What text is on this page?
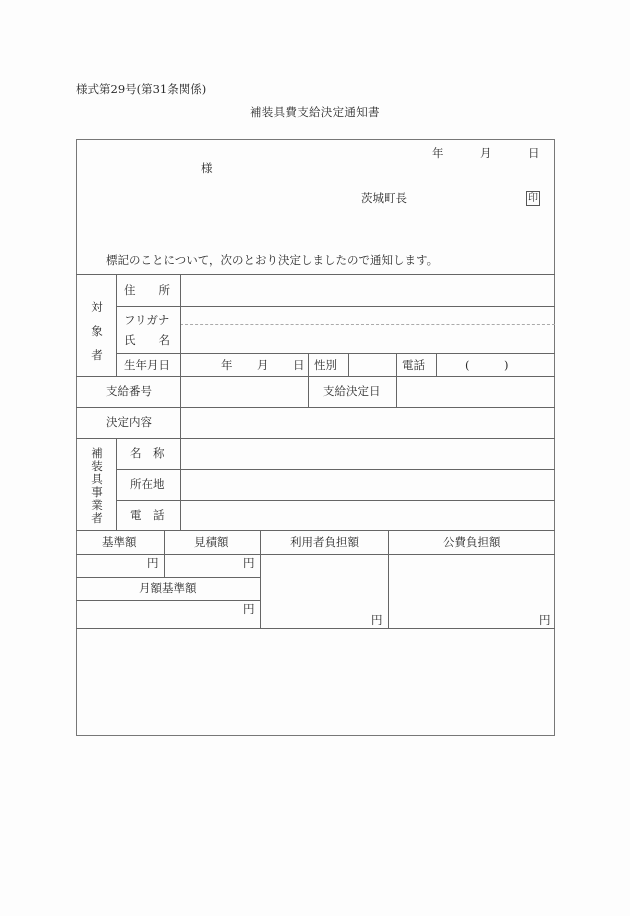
様式第29号(第31条関係)
補装具費支給決定通知書
年	月	日
様
茨城町長	印
標記のことについて，次のとおり決定しましたので通知します。
対
象
者
住　　所
フリガナ
氏　　名
生年月日	年 月 日 性別	電話	(　　　)
支給番号	支給決定日
決定内容
補
装
具
事
業
者
名　称
所在地
電　話
基準額	見積額	利用者負担額	公費負担額
円	円
月額基準額
円
円	円
